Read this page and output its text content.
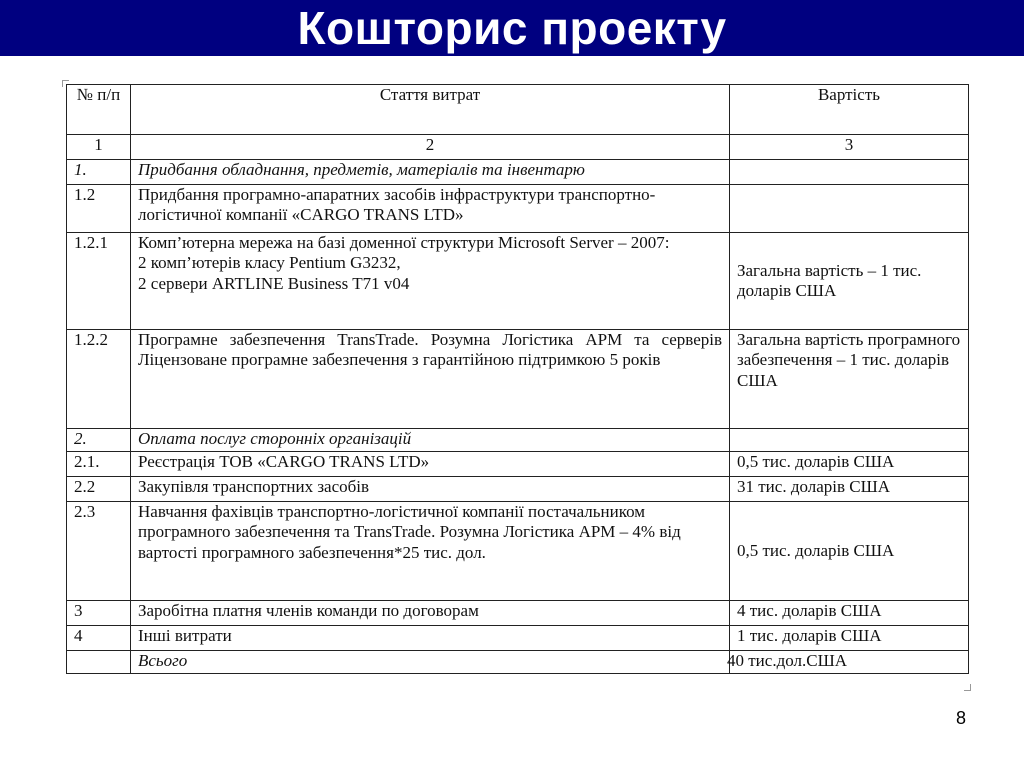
Кошторис проекту
№ п/п	Стаття витрат	Вартість
1	2	3
1.	Придбання обладнання, предметів, матеріалів та інвентарю	
1.2	Придбання програмно-апаратних засобів інфраструктури транспортно-логістичної компанії «CARGO TRANS LTD»	
1.2.1	Комп’ютерна мережа на базі доменної структури Microsoft Server – 2007:
2 комп’ютерів класу Pentium G3232,
2 сервери ARTLINE Business T71 v04	Загальна вартість – 1 тис. доларів США
1.2.2	Програмне забезпечення TransTrade. Розумна Логістика АРМ та серверів Ліцензоване програмне забезпечення з гарантійною підтримкою 5 років	Загальна вартість програмного забезпечення – 1 тис. доларів США
2.	Оплата послуг сторонніх організацій	
2.1.	Реєстрація ТОВ «CARGO TRANS LTD»	0,5 тис. доларів США
2.2	Закупівля транспортних засобів	31 тис. доларів США
2.3	Навчання фахівців транспортно-логістичної компанії постачальником програмного забезпечення та TransTrade. Розумна Логістика АРМ – 4% від вартості програмного забезпечення*25 тис. дол.	0,5 тис. доларів США
3	Заробітна платня членів команди по договорам	4 тис. доларів США
4	Інші витрати	1 тис. доларів США
	Всього	40 тис.дол.США
8
